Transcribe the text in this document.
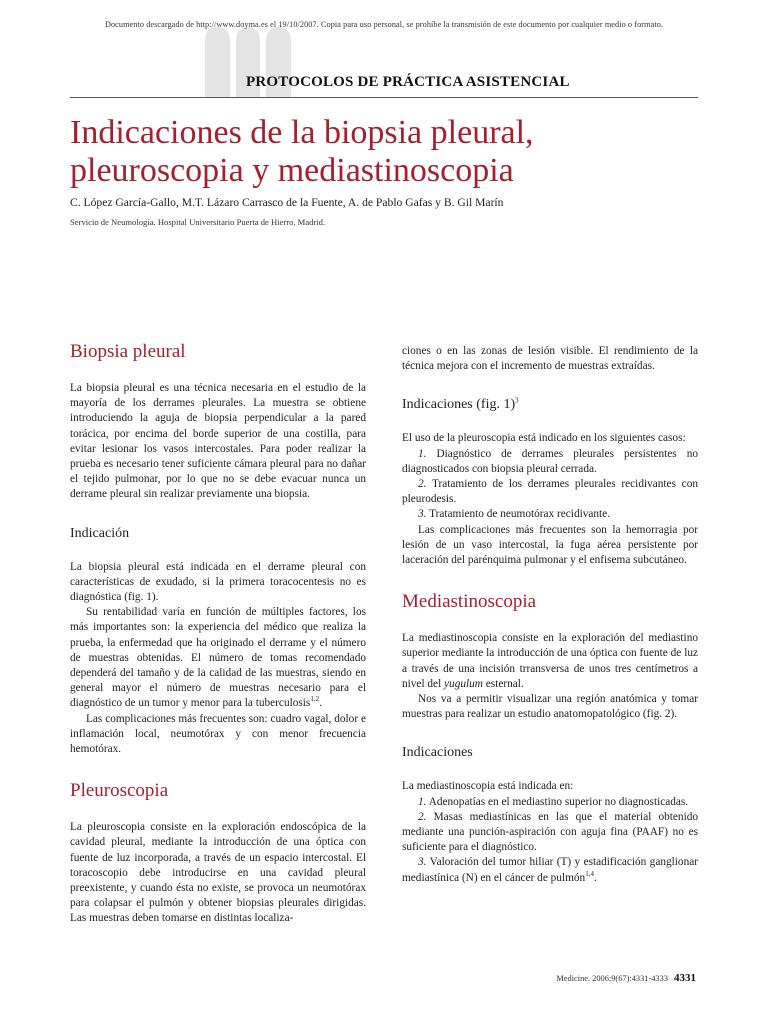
Documento descargado de http://www.doyma.es el 19/10/2007. Copia para uso personal, se prohíbe la transmisión de este documento por cualquier medio o formato.
PROTOCOLOS DE PRÁCTICA ASISTENCIAL
Indicaciones de la biopsia pleural,
pleuroscopia y mediastinoscopia
C. López García-Gallo, M.T. Lázaro Carrasco de la Fuente, A. de Pablo Gafas y B. Gil Marín
Servicio de Neumología. Hospital Universitario Puerta de Hierro. Madrid.
Biopsia pleural

La biopsia pleural es una técnica necesaria en el estudio de la mayoría de los derrames pleurales. La muestra se obtiene introduciendo la aguja de biopsia perpendicular a la pared torácica, por encima del borde superior de una costilla, para evitar lesionar los vasos intercostales. Para poder realizar la prueba es necesario tener suficiente cámara pleural para no dañar el tejido pulmonar, por lo que no se debe evacuar nunca un derrame pleural sin realizar previamente una biopsia.

Indicación

La biopsia pleural está indicada en el derrame pleural con características de exudado, si la primera toracocentesis no es diagnóstica (fig. 1).

Su rentabilidad varía en función de múltiples factores, los más importantes son: la experiencia del médico que realiza la prueba, la enfermedad que ha originado el derrame y el número de muestras obtenidas. El número de tomas recomendado dependerá del tamaño y de la calidad de las muestras, siendo en general mayor el número de muestras necesario para el diagnóstico de un tumor y menor para la tuberculosis$^{1,2}$.

Las complicaciones más frecuentes son: cuadro vagal, dolor e inflamación local, neumotórax y con menor frecuencia hemotórax.

Pleuroscopia

La pleuroscopia consiste en la exploración endoscópica de la cavidad pleural, mediante la introducción de una óptica con fuente de luz incorporada, a través de un espacio intercostal. El toracoscopio debe introducirse en una cavidad pleural preexistente, y cuando ésta no existe, se provoca un neumotórax para colapsar el pulmón y obtener biopsias pleurales dirigidas. Las muestras deben tomarse en distintas localiza-

ciones o en las zonas de lesión visible. El rendimiento de la técnica mejora con el incremento de muestras extraídas.

Indicaciones (fig. 1)$^3$

El uso de la pleuroscopia está indicado en los siguientes casos:

1. Diagnóstico de derrames pleurales persistentes no diagnosticados con biopsia pleural cerrada.

2. Tratamiento de los derrames pleurales recidivantes con pleurodesis.

3. Tratamiento de neumotórax recidivante.

Las complicaciones más frecuentes son la hemorragia por lesión de un vaso intercostal, la fuga aérea persistente por laceración del parénquima pulmonar y el enfisema subcutáneo.

Mediastinoscopia

La mediastinoscopia consiste en la exploración del mediastino superior mediante la introducción de una óptica con fuente de luz a través de una incisión trransversa de unos tres centímetros a nivel del yugulum esternal.

Nos va a permitir visualizar una región anatómica y tomar muestras para realizar un estudio anatomopatológico (fig. 2).

Indicaciones

La mediastinoscopia está indicada en:

1. Adenopatías en el mediastino superior no diagnosticadas.

2. Masas mediastínicas en las que el material obtenido mediante una punción-aspiración con aguja fina (PAAF) no es suficiente para el diagnóstico.

3. Valoración del tumor hiliar (T) y estadificación ganglionar mediastínica (N) en el cáncer de pulmón$^{1,4}$.

Medicine. 2006;9(67):4331-4333 4331
